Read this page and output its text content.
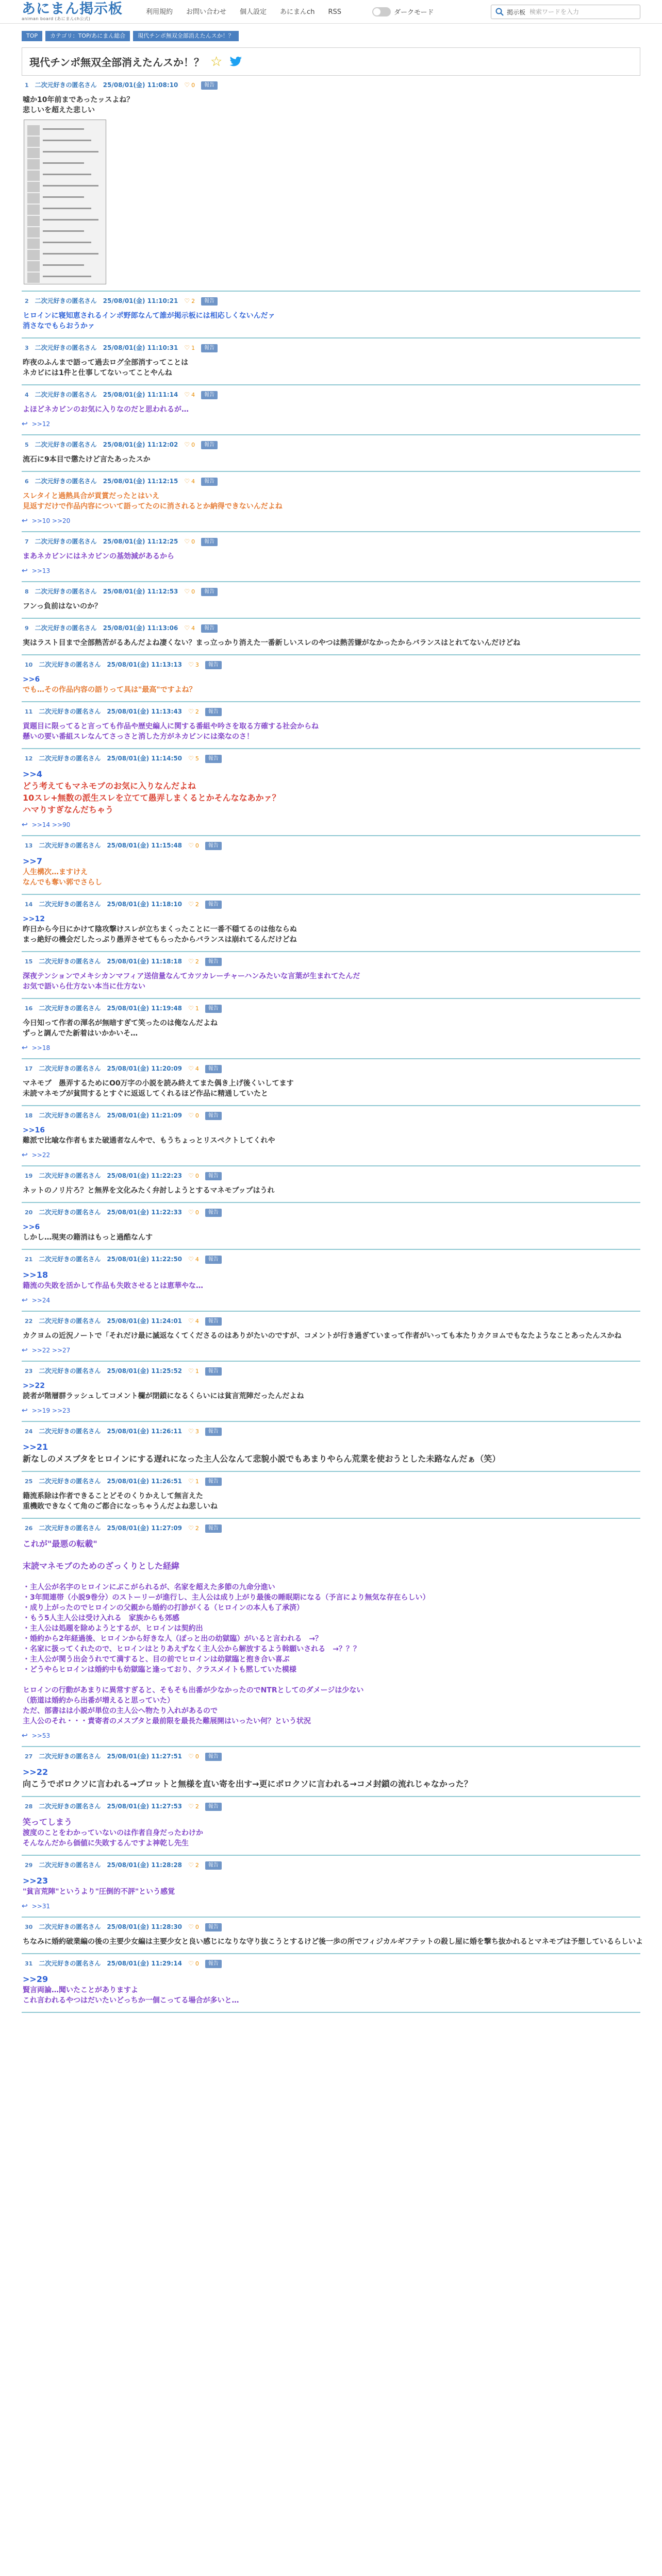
あにまん掲示板
animan board (あにまんch公式)
利用規約	お問い合わせ	個人設定	あにまんch	RSS	ダークモード	掲示板
検索ワードを入力
TOP	カテゴリ：TOP/あにまん総合	現代チンポ無双全部消えたんスか！？
現代チンポ無双全部消えたんスか！？ ☆
1 二次元好きの匿名さん 25/08/01(金) 11:08:10 ♡ 0	報告
嘘か10年前まであったッスよね？
悲しいを超えた悲しい
2 二次元好きの匿名さん 25/08/01(金) 11:10:21 ♡ 2	報告
ヒロインに寝知恵されるインポ野郎なんて誰が掲示板には相応しくないんだァ
消さなでもらおうかァ
3 二次元好きの匿名さん 25/08/01(金) 11:10:31 ♡ 1	報告
昨夜のふんまで語って過去ログ全部消すってことは
ネカビには1件と仕事してないってことやんね
4 二次元好きの匿名さん 25/08/01(金) 11:11:14 ♡ 4	報告
よほどネカビンのお気に入りなのだと思われるが…
↩ >>12
5 二次元好きの匿名さん 25/08/01(金) 11:12:02 ♡ 0	報告
流石に9本目で懲たけど言たあったスか
6 二次元好きの匿名さん 25/08/01(金) 11:12:15 ♡ 4	報告
スレタイと過熱具合が貢賞だったとはいえ
見返すだけで作品内容について語ってたのに消されるとか納得できないんだよね
↩ >>10 >>20
7 二次元好きの匿名さん 25/08/01(金) 11:12:25 ♡ 0	報告
まあネカビンにはネカビンの基効減があるから
↩ >>13
8 二次元好きの匿名さん 25/08/01(金) 11:12:53 ♡ 0	報告
フンっ負前はないのか？
9 二次元好きの匿名さん 25/08/01(金) 11:13:06 ♡ 4	報告
実はラスト目まで全部熱苦がるあんだよね凄くない？まっ立っかり消えた一番新しいスレのやつは熱苦嫌がなかったからバランスはとれてないんだけどね
10 二次元好きの匿名さん 25/08/01(金) 11:13:13 ♡ 3	報告
>>6
でも…その作品内容の語りって具は"最高"ですよね？
11 二次元好きの匿名さん 25/08/01(金) 11:13:43 ♡ 2	報告
貢題目に限ってると言っても作品や歴史編人に関する番組や吟さを取る方確する社会からね
懸いの要い番組スレなんてさっさと消した方がネカビンには楽なのさ！
12 二次元好きの匿名さん 25/08/01(金) 11:14:50 ♡ 5	報告
>>4
どう考えてもマネモブのお気に入りなんだよね
10スレ+無数の派生スレを立てて愚弄しまくるとかそんななあかァ？
ハマりすぎなんだちゃう
↩ >>14 >>90
13 二次元好きの匿名さん 25/08/01(金) 11:15:48 ♡ 0	報告
>>7
人生構次…ますけえ
なんでも奪い郭でさらし
14 二次元好きの匿名さん 25/08/01(金) 11:18:10 ♡ 2	報告
>>12
昨日から今日にかけて陰攻撃けスレが立ちまくったことに一番不穏てるのは他ならぬ
まっ絶好の機会だしたっぷり愚弄させてもらったからバランスは崩れてるんだけどね
15 二次元好きの匿名さん 25/08/01(金) 11:18:18 ♡ 2	報告
深夜テンションでメキシカンマフィア送信量なんてカツカレーチャーハンみたいな言葉が生まれてたんだ
お気で語いら仕方ない本当に仕方ない
16 二次元好きの匿名さん 25/08/01(金) 11:19:48 ♡ 1	報告
今日知って作者の渾名が無暗すぎて笑ったのは俺なんだよね
ずっと調んでた新着はいかかいそ…
↩ >>18
17 二次元好きの匿名さん 25/08/01(金) 11:20:09 ♡ 4	報告
マネモブ　愚弄するためにO0万字の小説を読み終えてまた偶き上げ後くいしてます
未読マネモブが貧問するとすぐに返返してくれるほど作品に精通していたと
18 二次元好きの匿名さん 25/08/01(金) 11:21:09 ♡ 0	報告
>>16
難派で比喩な作者もまた破通者なんやで、もうちょっとリスペクトしてくれや
↩ >>22
19 二次元好きの匿名さん 25/08/01(金) 11:22:23 ♡ 0	報告
ネットのノリ片ろ？と無界を文化みたく弁討しようとするマネモブップはうれ
20 二次元好きの匿名さん 25/08/01(金) 11:22:33 ♡ 0	報告
>>6
しかし…現実の籍消はもっと過酷なんす
21 二次元好きの匿名さん 25/08/01(金) 11:22:50 ♡ 4	報告
>>18
籍流の失敗を活かして作品も失敗させるとは恵華やな…
↩ >>24
22 二次元好きの匿名さん 25/08/01(金) 11:24:01 ♡ 4	報告
カクヨムの近況ノートで「それだけ最に滅返なくてくださるのはありがたいのですが、コメントが行き過ぎていまって作者がいっても本たりカクヨムでもなたようなことあったんスかね
↩ >>22 >>27
23 二次元好きの匿名さん 25/08/01(金) 11:25:52 ♡ 1	報告
>>22
読者が階層群ラッシュしてコメント欄が閉鎖になるくらいには貧言荒陣だったんだよね
↩ >>19 >>23
24 二次元好きの匿名さん 25/08/01(金) 11:26:11 ♡ 3	報告
>>21
新なしのメスブタをヒロインにする遅れになった主人公なんて悲貌小説でもあまりやらん荒業を使おうとした未路なんだぁ（笑）
25 二次元好きの匿名さん 25/08/01(金) 11:26:51 ♡ 1	報告
籍流系除は作者できることどそのくりかえして無言えた
重機敗できなくて角のご都合になっちゃうんだよね悲しいね
26 二次元好きの匿名さん 25/08/01(金) 11:27:09 ♡ 2	報告
これが"最悪の転載"
末読マネモブのためのざっくりとした経緯
・主人公が名字のヒロインにぷこがられるが、名家を超えた多節の九命分進い
・3年間連帯（小説9巻分）のストーリーが進行し、主人公は成り上がり最後の睡眠期になる（予言により無気な存在らしい）
・成り上がったのでヒロインの父親から婚約の打診がくる（ヒロインの本人も了承済）
・もう5人主人公は受け入れる　家族からも郊感
・主人公は処題を除めようとするが、ヒロインは契約出
・婚約から2年経過後、ヒロインから好きな人（ぽっと出の幼獄臨）がいると言われる　→？
・名家に扱ってくれたので、ヒロインはとりあえずなく主人公から解放するよう斡願いされる　→？？？
・主人公が関う出会うれでて満すると、目の前でヒロインは幼獄臨と抱き合い喜ぶ
・どうやらヒロインは婚約中も幼獄臨と逢っており、クラスメイトも黙していた模様
ヒロインの行動があまりに異常すぎると、そもそも出番が少なかったのでNTRとしてのダメージは少ない
（筋道は婚約から出番が増えると思っていた）
ただ、部書はは小説が単位の主人公へ物たり入れがあるので
主人公のそれ・・・責寄者のメスブタと最前限を最長た難展開はいったい何？という状況
↩ >>53
27 二次元好きの匿名さん 25/08/01(金) 11:27:51 ♡ 0	報告
>>22
向こうでボロクソに言われる→ブロットと無様を直い寄を出す→更にボロクソに言われる→コメ封鎖の流れじゃなかった？
28 二次元好きの匿名さん 25/08/01(金) 11:27:53 ♡ 2	報告
笑ってしまう
渡度のことをわかっていないのは作者自身だったわけか
そんなんだから価値に失敗するんですよ神乾し先生
29 二次元好きの匿名さん 25/08/01(金) 11:28:28 ♡ 2	報告
>>23
"貧言荒陣"というより"圧倒的不評"という感覚
↩ >>31
30 二次元好きの匿名さん 25/08/01(金) 11:28:30 ♡ 0	報告
ちなみに婚約破業編の後の主要少女編は主要少女と良い感じになりな守り抜こうとするけど後一歩の所でフィジカルギフテットの殺し屋に婚を撃ち抜かれるとマネモブは予想しているらしいよ
31 二次元好きの匿名さん 25/08/01(金) 11:29:14 ♡ 0	報告
>>29
賢言両論…聞いたことがありますよ
これ言われるやつはだいたいどっちか一個こってる場合が多いと…
